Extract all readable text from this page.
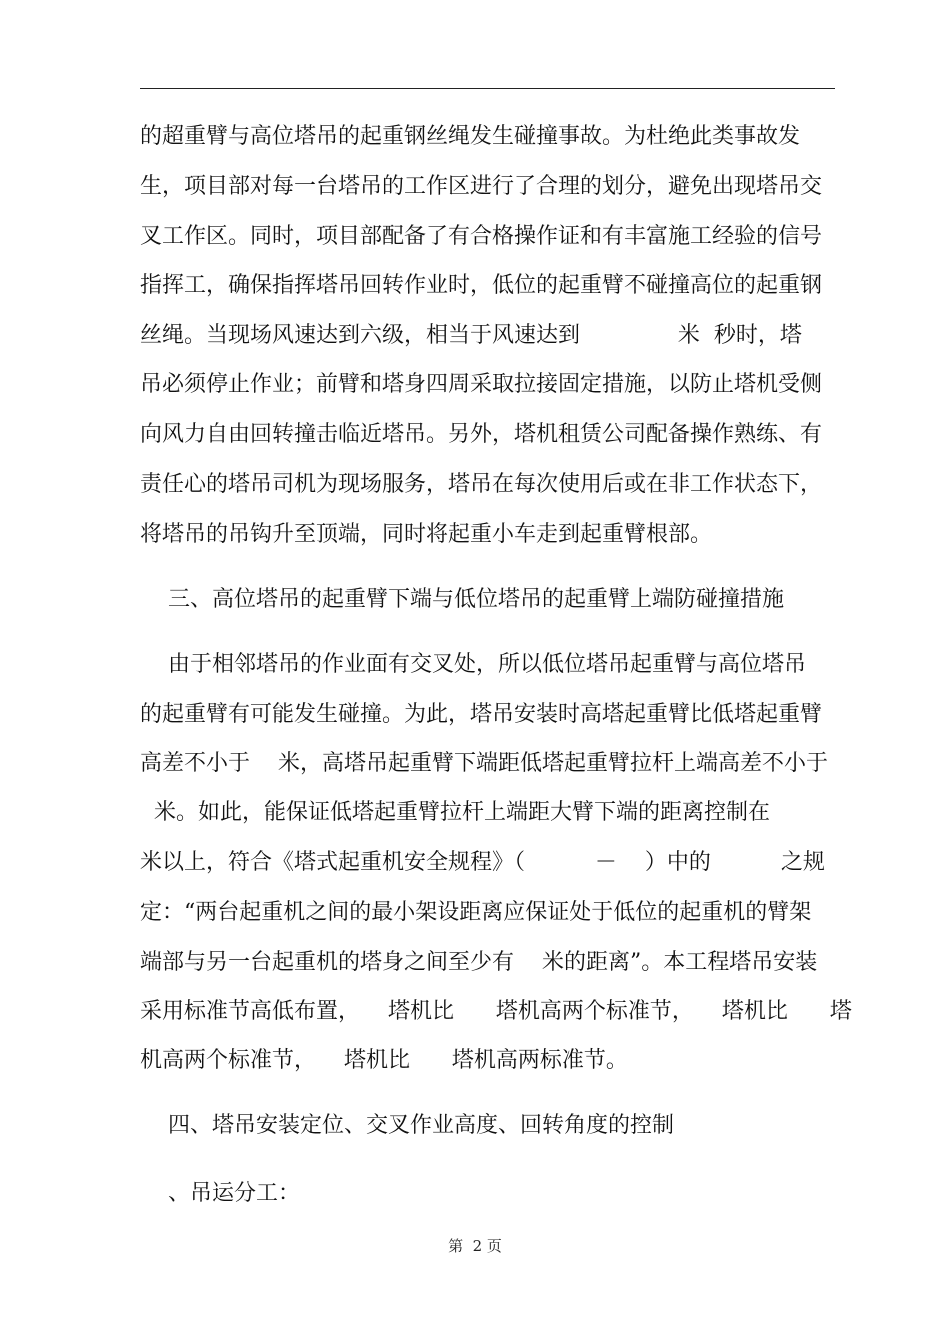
的超重臂与高位塔吊的起重钢丝绳发生碰撞事故。为杜绝此类事故发
生，项目部对每一台塔吊的工作区进行了合理的划分，避免出现塔吊交
叉工作区。同时，项目部配备了有合格操作证和有丰富施工经验的信号
指挥工，确保指挥塔吊回转作业时，低位的起重臂不碰撞高位的起重钢
丝绳。当现场风速达到六级，相当于风速达到              米  秒时，塔
吊必须停止作业；前臂和塔身四周采取拉接固定措施，以防止塔机受侧
向风力自由回转撞击临近塔吊。另外，塔机租赁公司配备操作熟练、有
责任心的塔吊司机为现场服务，塔吊在每次使用后或在非工作状态下，
将塔吊的吊钩升至顶端，同时将起重小车走到起重臂根部。
三、高位塔吊的起重臂下端与低位塔吊的起重臂上端防碰撞措施
由于相邻塔吊的作业面有交叉处，所以低位塔吊起重臂与高位塔吊
的起重臂有可能发生碰撞。为此，塔吊安装时高塔起重臂比低塔起重臂
高差不小于    米，高塔吊起重臂下端距低塔起重臂拉杆上端高差不小于
米。如此，能保证低塔起重臂拉杆上端距大臂下端的距离控制在
米以上，符合《塔式起重机安全规程》（          －    ）中的          之规
定：“两台起重机之间的最小架设距离应保证处于低位的起重机的臂架
端部与另一台起重机的塔身之间至少有    米的距离”。本工程塔吊安装
采用标准节高低布置，    塔机比      塔机高两个标准节，    塔机比      塔
机高两个标准节，    塔机比      塔机高两标准节。
四、塔吊安装定位、交叉作业高度、回转角度的控制
、吊运分工：
第  2 页
